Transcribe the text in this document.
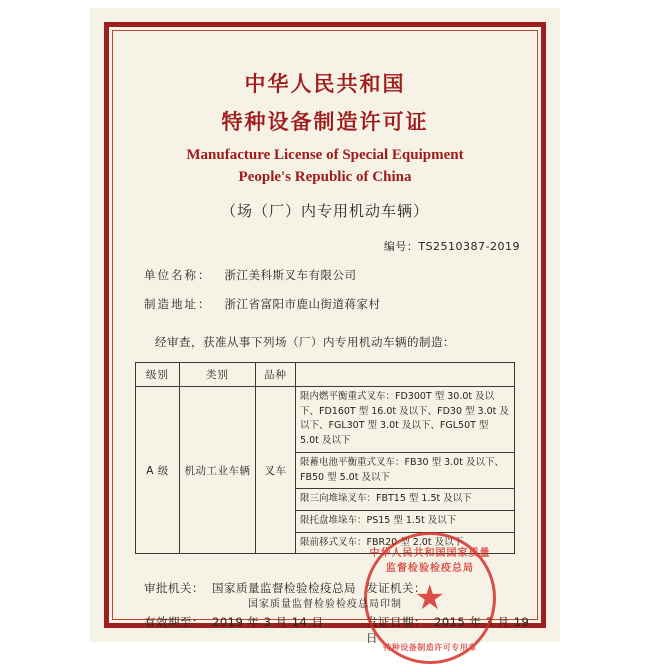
中华人民共和国
特种设备制造许可证
Manufacture License of Special Equipment
People's Republic of China
（场（厂）内专用机动车辆）
编号：TS2510387-2019
单位名称： 浙江美科斯叉车有限公司
制造地址： 浙江省富阳市鹿山街道蒋家村
经审查，获准从事下列场（厂）内专用机动车辆的制造：
级别	类别	品种	
A 级	机动工业车辆	叉车	限内燃平衡重式叉车：FD300T 型 30.0t 及以下、FD160T 型 16.0t 及以下、FD30 型 3.0t 及以下、FGL30T 型 3.0t 及以下、FGL50T 型 5.0t 及以下
			限蓄电池平衡重式叉车：FB30 型 3.0t 及以下、FB50 型 5.0t 及以下
			限三向堆垛叉车：FBT15 型 1.5t 及以下
			限托盘堆垛车：PS15 型 1.5t 及以下
			限前移式叉车：FBR20 型 2.0t 及以下
审批机关： 国家质量监督检验检疫总局 发证机关：
有效期至： 2019 年 3 月 14 日	发证日期： 2015 年 3 月 19 日
中华人民共和国国家质量监督检验检疫总局
★
特种设备制造许可专用章
国家质量监督检验检疫总局印制
